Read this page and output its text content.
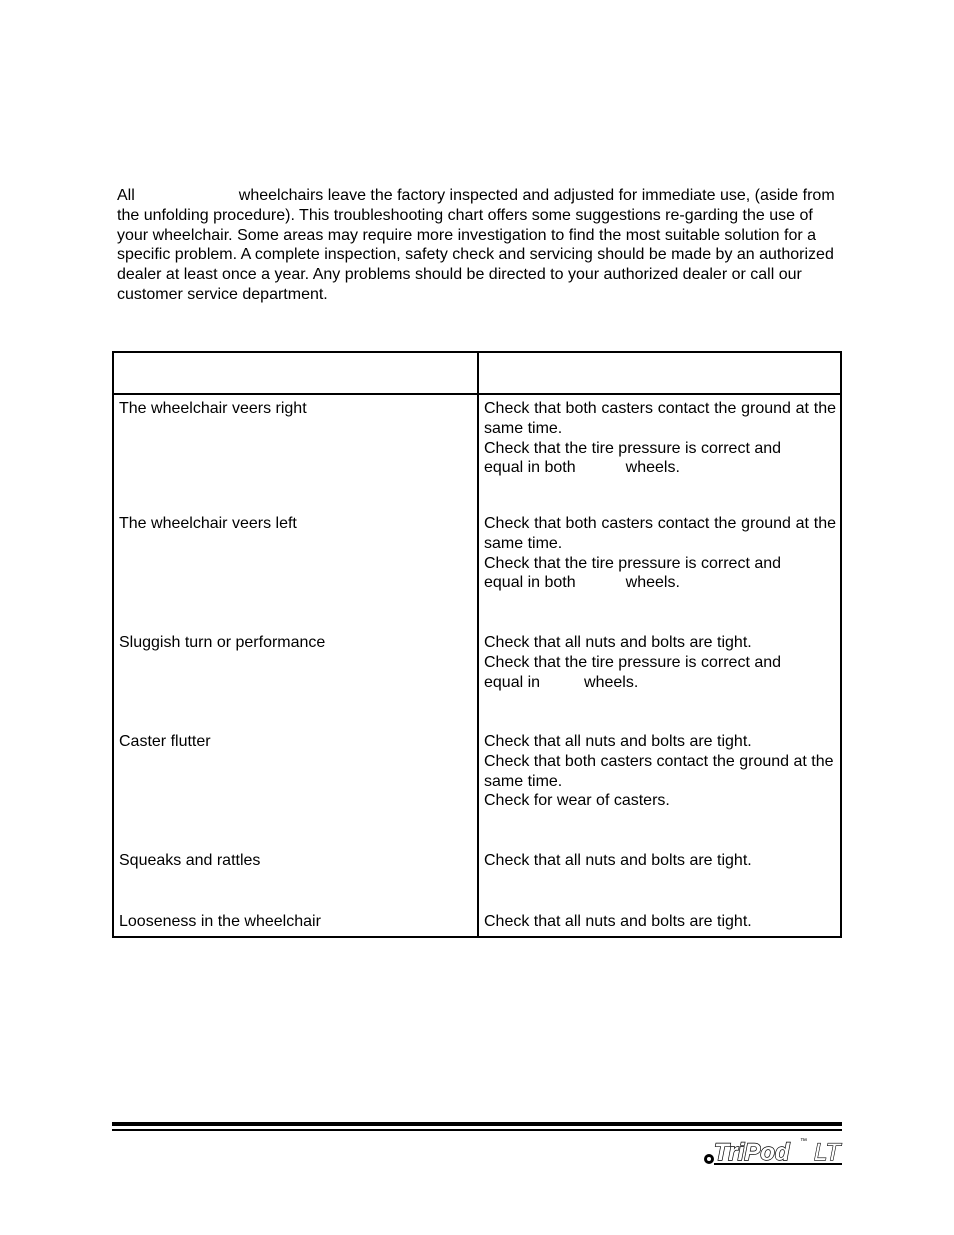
All	wheelchairs leave the factory inspected and adjusted for immediate use, (aside from the unfolding procedure). This troubleshooting chart offers some suggestions re-garding the use of your wheelchair. Some areas may require more investigation to find the most suitable solution for a specific problem. A complete inspection, safety check and servicing should be made by an authorized dealer at least once a year. Any problems should be directed to your authorized dealer or call our customer service department.

The wheelchair veers right	Check that both casters contact the ground at the same time.
Check that the tire pressure is correct and
equal in both wheels.

The wheelchair veers left	Check that both casters contact the ground at the same time.
Check that the tire pressure is correct and
equal in both wheels.

Sluggish turn or performance	Check that all nuts and bolts are tight.
Check that the tire pressure is correct and
equal in wheels.

Caster flutter	Check that all nuts and bolts are tight.
Check that both casters contact the ground at the same time.
Check for wear of casters.

Squeaks and rattles	Check that all nuts and bolts are tight.

Looseness in the wheelchair	Check that all nuts and bolts are tight.
TriPod ™ LT
